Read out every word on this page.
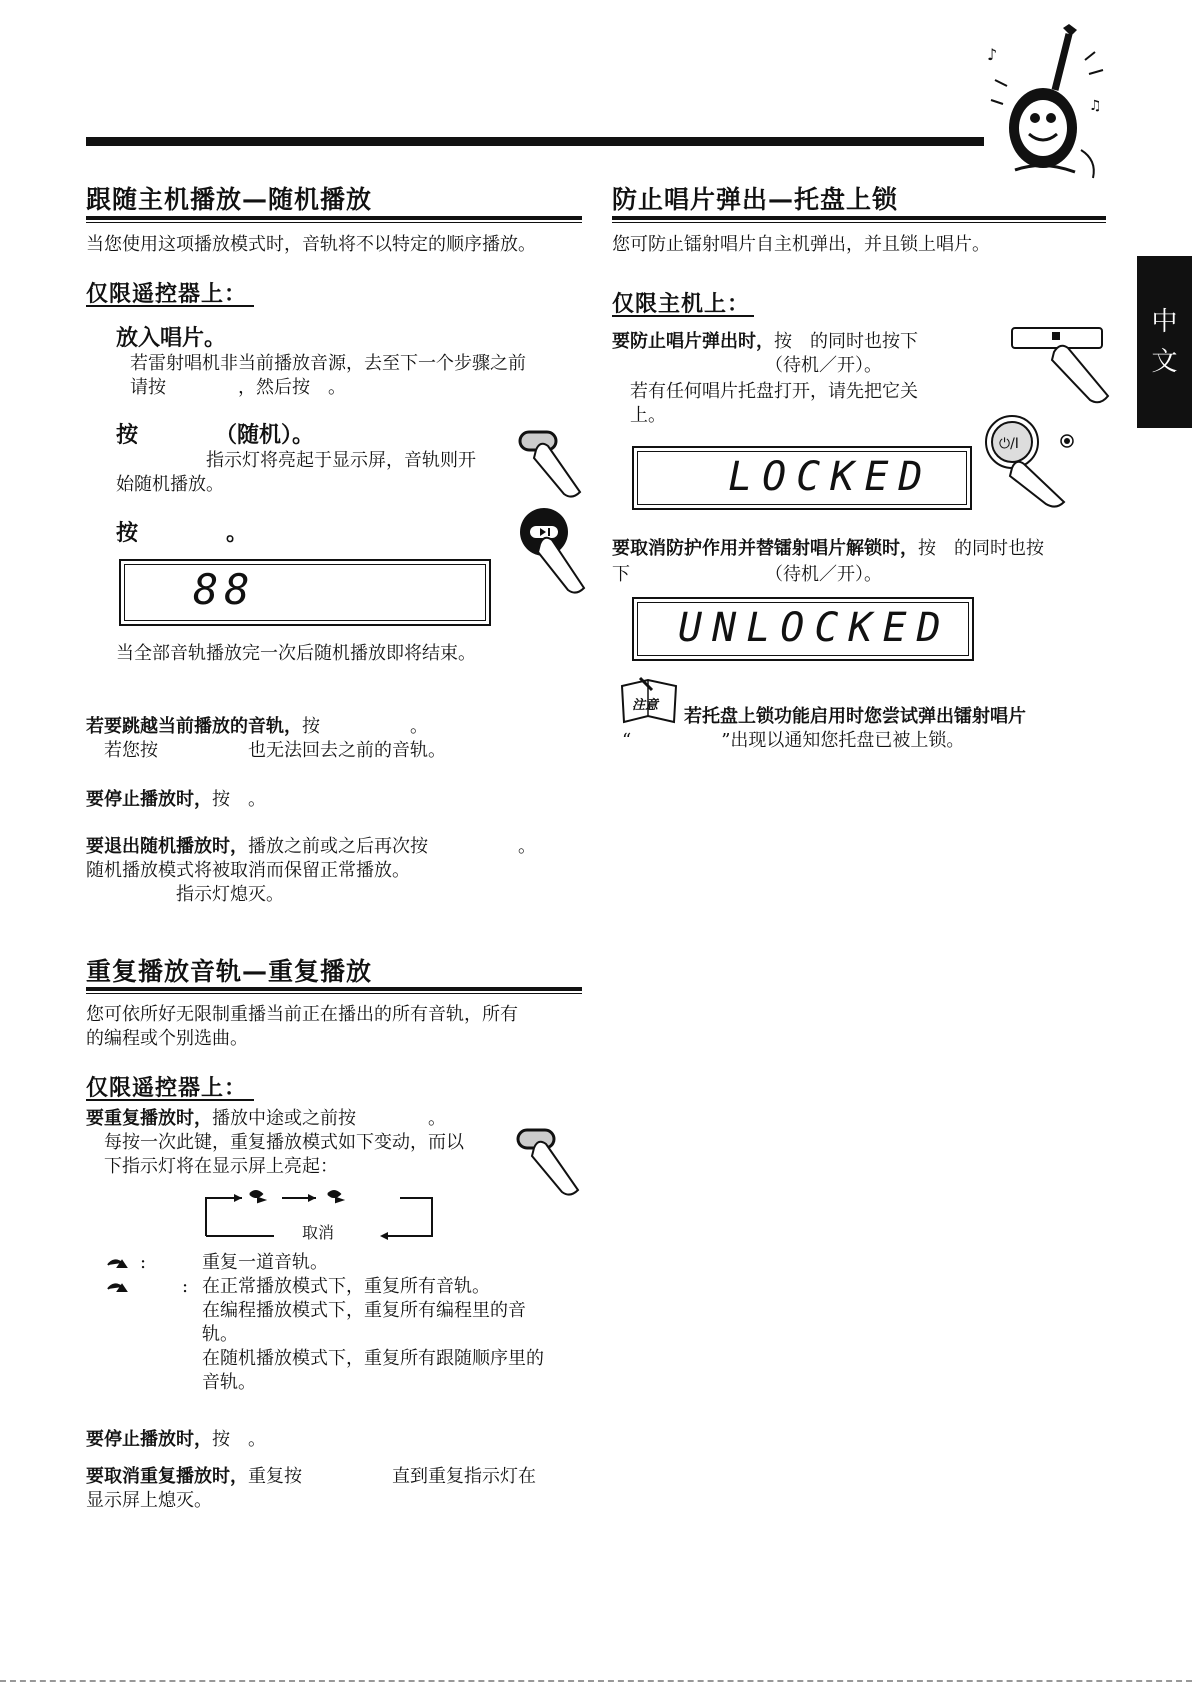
♪
♫
中
文
跟随主机播放—随机播放
当您使用这项播放模式时，音轨将不以特定的顺序播放。
仅限遥控器上：
放入唱片。
若雷射唱机非当前播放音源，去至下一个步骤之前
请按　　　　，然后按　。
按　　　　（随机）。
　　　　　指示灯将亮起于显示屏，音轨则开
始随机播放。
按　　　　。
88
当全部音轨播放完一次后随机播放即将结束。
若要跳越当前播放的音轨，按　　　　　。
若您按　　　　　也无法回去之前的音轨。
要停止播放时，按　。
要退出随机播放时，播放之前或之后再次按　　　　　。
随机播放模式将被取消而保留正常播放。
　　　　　指示灯熄灭。
重复播放音轨—重复播放
您可依所好无限制重播当前正在播出的所有音轨，所有
的编程或个别选曲。
仅限遥控器上：
要重复播放时，播放中途或之前按　　　　。
每按一次此键，重复播放模式如下变动，而以
下指示灯将在显示屏上亮起：
取消
:	重复一道音轨。
: 在正常播放模式下，重复所有音轨。
在编程播放模式下，重复所有编程里的音
轨。
在随机播放模式下，重复所有跟随顺序里的
音轨。
要停止播放时，按　。
要取消重复播放时，重复按　　　　　直到重复指示灯在
显示屏上熄灭。
防止唱片弹出—托盘上锁
您可防止镭射唱片自主机弹出，并且锁上唱片。
仅限主机上：
要防止唱片弹出时，按　的同时也按下
　　　　　　　　　（待机／开）。
若有任何唱片托盘打开，请先把它关
上。
⏻/I
LOCKED
要取消防护作用并替镭射唱片解锁时，按　的同时也按
下　　　　　　　　（待机／开）。
UNLOCKED
注意
若托盘上锁功能启用时您尝试弹出镭射唱片
“　　　　　”出现以通知您托盘已被上锁。
